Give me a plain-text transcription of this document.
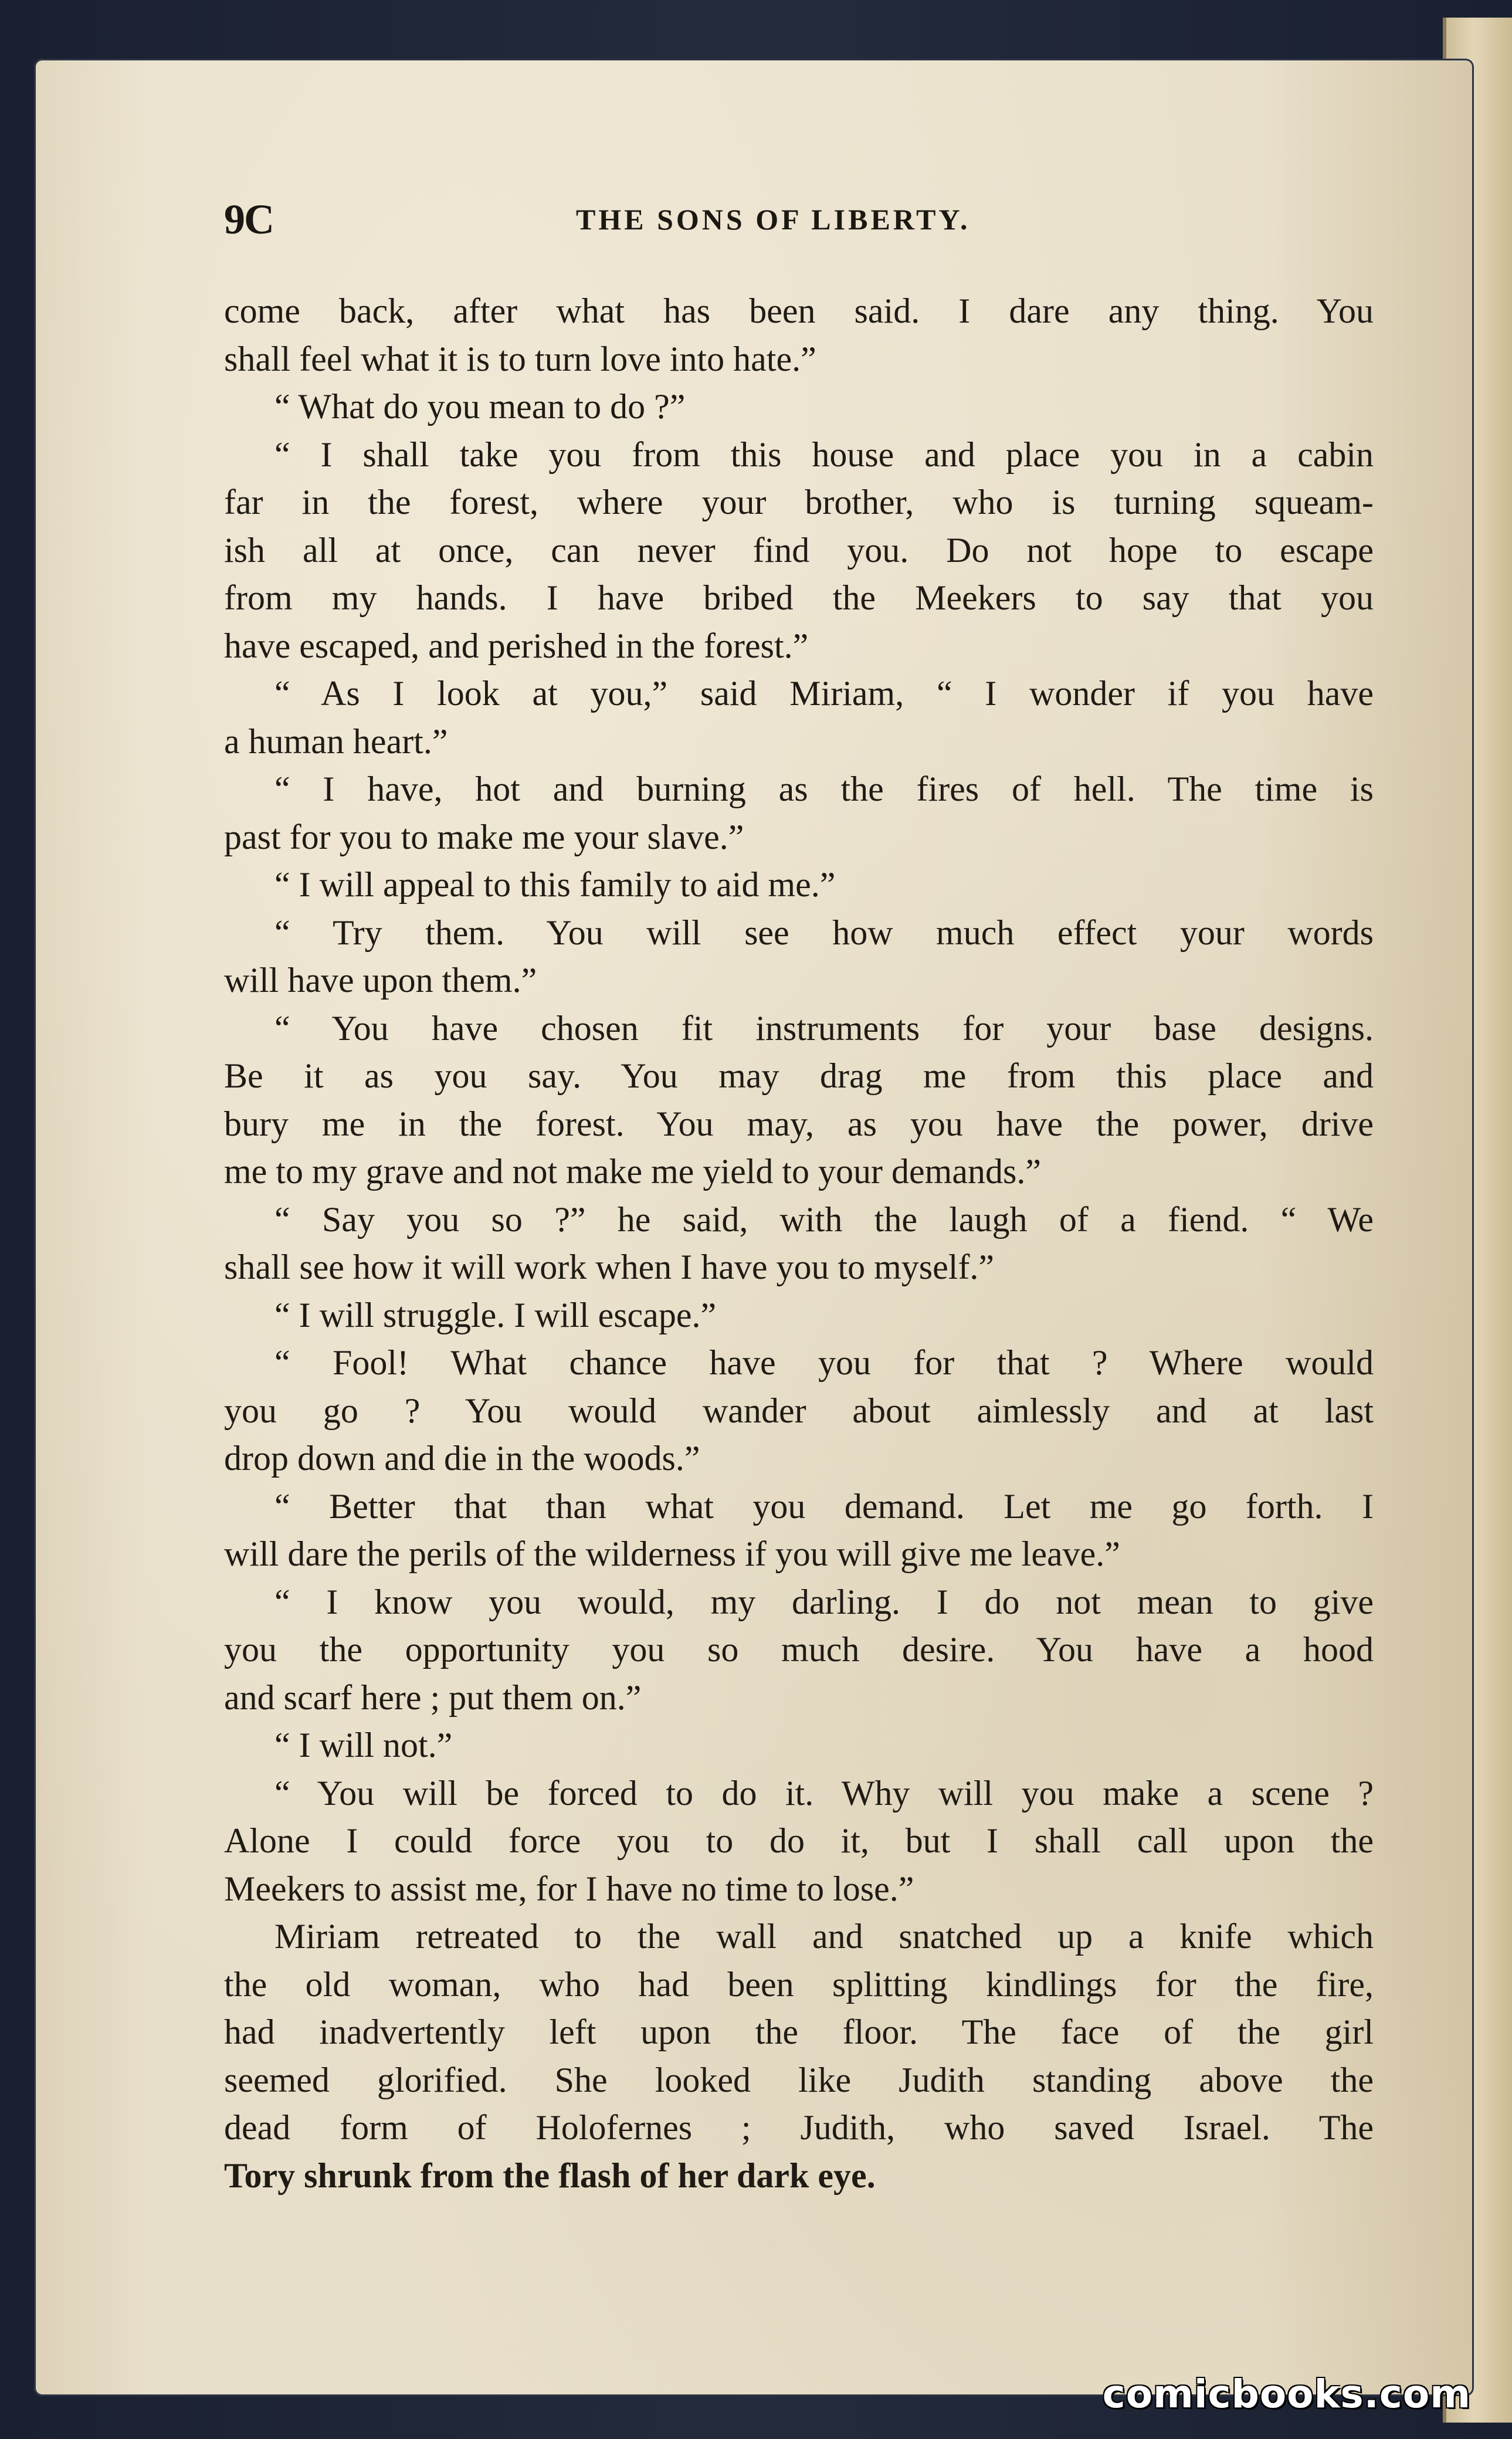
9C	THE SONS OF LIBERTY.
come back, after what has been said. I dare any thing. You
shall feel what it is to turn love into hate.”
“ What do you mean to do ?”
“ I shall take you from this house and place you in a cabin
far in the forest, where your brother, who is turning squeam-
ish all at once, can never find you. Do not hope to escape
from my hands. I have bribed the Meekers to say that you
have escaped, and perished in the forest.”
“ As I look at you,” said Miriam, “ I wonder if you have
a human heart.”
“ I have, hot and burning as the fires of hell. The time is
past for you to make me your slave.”
“ I will appeal to this family to aid me.”
“ Try them. You will see how much effect your words
will have upon them.”
“ You have chosen fit instruments for your base designs.
Be it as you say. You may drag me from this place and
bury me in the forest. You may, as you have the power, drive
me to my grave and not make me yield to your demands.”
“ Say you so ?” he said, with the laugh of a fiend. “ We
shall see how it will work when I have you to myself.”
“ I will struggle. I will escape.”
“ Fool! What chance have you for that ? Where would
you go ? You would wander about aimlessly and at last
drop down and die in the woods.”
“ Better that than what you demand. Let me go forth. I
will dare the perils of the wilderness if you will give me leave.”
“ I know you would, my darling. I do not mean to give
you the opportunity you so much desire. You have a hood
and scarf here ; put them on.”
“ I will not.”
“ You will be forced to do it. Why will you make a scene ?
Alone I could force you to do it, but I shall call upon the
Meekers to assist me, for I have no time to lose.”
Miriam retreated to the wall and snatched up a knife which
the old woman, who had been splitting kindlings for the fire,
had inadvertently left upon the floor. The face of the girl
seemed glorified. She looked like Judith standing above the
dead form of Holofernes ; Judith, who saved Israel. The
Tory shrunk from the flash of her dark eye.
comicbooks.com
